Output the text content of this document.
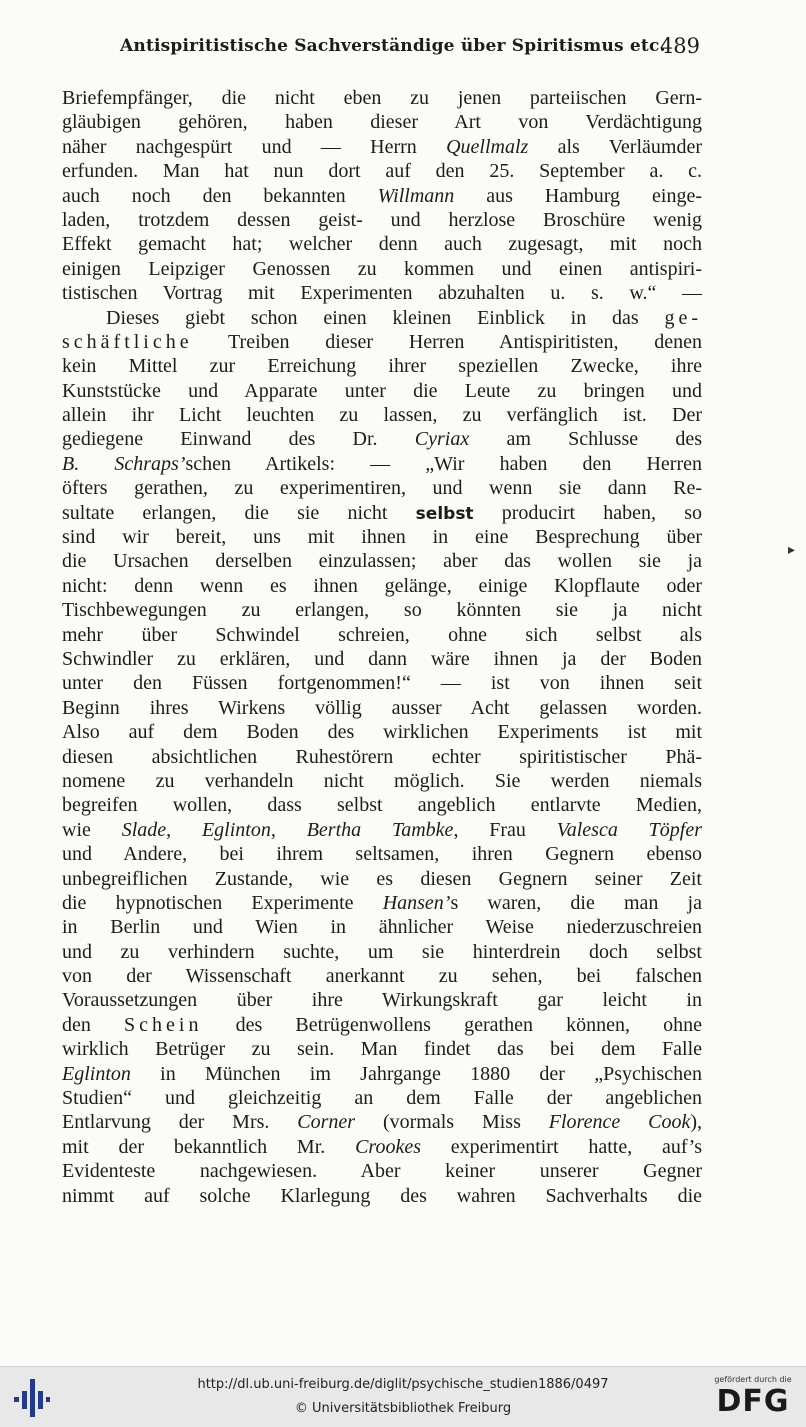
Antispiritistische Sachverständige über Spiritismus etc.
489
Briefempfänger, die nicht eben zu jenen parteiischen Gern-
gläubigen gehören, haben dieser Art von Verdächtigung
näher nachgespürt und — Herrn Quellmalz als Verläumder
erfunden. Man hat nun dort auf den 25. September a. c.
auch noch den bekannten Willmann aus Hamburg einge-
laden, trotzdem dessen geist- und herzlose Broschüre wenig
Effekt gemacht hat; welcher denn auch zugesagt, mit noch
einigen Leipziger Genossen zu kommen und einen antispiri-
tistischen Vortrag mit Experimenten abzuhalten u. s. w.“ —
Dieses giebt schon einen kleinen Einblick in das ge-
schäftliche Treiben dieser Herren Antispiritisten, denen
kein Mittel zur Erreichung ihrer speziellen Zwecke, ihre
Kunststücke und Apparate unter die Leute zu bringen und
allein ihr Licht leuchten zu lassen, zu verfänglich ist. Der
gediegene Einwand des Dr. Cyriax am Schlusse des
B. Schraps’schen Artikels: — „Wir haben den Herren
öfters gerathen, zu experimentiren, und wenn sie dann Re-
sultate erlangen, die sie nicht selbst producirt haben, so
sind wir bereit, uns mit ihnen in eine Besprechung über
die Ursachen derselben einzulassen; aber das wollen sie ja
nicht: denn wenn es ihnen gelänge, einige Klopflaute oder
Tischbewegungen zu erlangen, so könnten sie ja nicht
mehr über Schwindel schreien, ohne sich selbst als
Schwindler zu erklären, und dann wäre ihnen ja der Boden
unter den Füssen fortgenommen!“ — ist von ihnen seit
Beginn ihres Wirkens völlig ausser Acht gelassen worden.
Also auf dem Boden des wirklichen Experiments ist mit
diesen absichtlichen Ruhestörern echter spiritistischer Phä-
nomene zu verhandeln nicht möglich. Sie werden niemals
begreifen wollen, dass selbst angeblich entlarvte Medien,
wie Slade, Eglinton, Bertha Tambke, Frau Valesca Töpfer
und Andere, bei ihrem seltsamen, ihren Gegnern ebenso
unbegreiflichen Zustande, wie es diesen Gegnern seiner Zeit
die hypnotischen Experimente Hansen’s waren, die man ja
in Berlin und Wien in ähnlicher Weise niederzuschreien
und zu verhindern suchte, um sie hinterdrein doch selbst
von der Wissenschaft anerkannt zu sehen, bei falschen
Voraussetzungen über ihre Wirkungskraft gar leicht in
den Schein des Betrügenwollens gerathen können, ohne
wirklich Betrüger zu sein. Man findet das bei dem Falle
Eglinton in München im Jahrgange 1880 der „Psychischen
Studien“ und gleichzeitig an dem Falle der angeblichen
Entlarvung der Mrs. Corner (vormals Miss Florence Cook),
mit der bekanntlich Mr. Crookes experimentirt hatte, auf’s
Evidenteste nachgewiesen. Aber keiner unserer Gegner
nimmt auf solche Klarlegung des wahren Sachverhalts die
▸
http://dl.ub.uni-freiburg.de/diglit/psychische_studien1886/0497
© Universitätsbibliothek Freiburg
gefördert durch die
DFG
